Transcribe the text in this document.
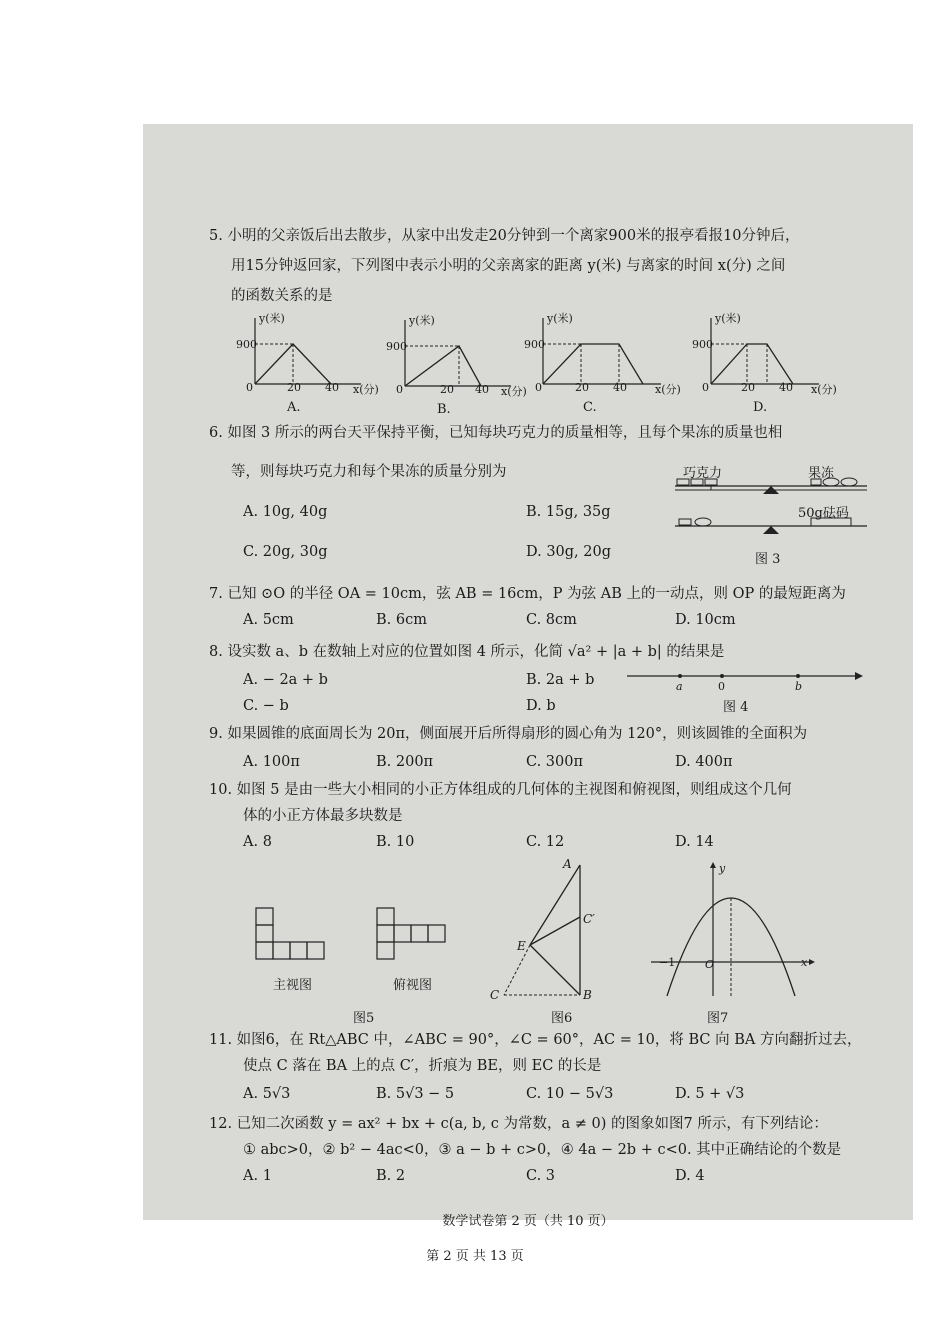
5. 小明的父亲饭后出去散步，从家中出发走20分钟到一个离家900米的报亭看报10分钟后，
用15分钟返回家，下列图中表示小明的父亲离家的距离 y(米) 与离家的时间 x(分) 之间
的函数关系的是
y(米)
900
0	20 40 x(分)
A.
y(米)
900
0	20 40 x(分)
B.
y(米)
900
0	20 40	x(分)
C.
y(米)
900
0	20 40 x(分)
D.
6. 如图 3 所示的两台天平保持平衡，已知每块巧克力的质量相等，且每个果冻的质量也相
等，则每块巧克力和每个果冻的质量分别为
A. 10g, 40g	B. 15g, 35g
C. 20g, 30g	D. 30g, 20g
巧克力	果冻
50g砝码
图 3
7. 已知 ⊙O 的半径 OA = 10cm，弦 AB = 16cm，P 为弦 AB 上的一动点，则 OP 的最短距离为
A. 5cm	B. 6cm	C. 8cm	D. 10cm
8. 设实数 a、b 在数轴上对应的位置如图 4 所示，化简 √a² + |a + b| 的结果是
A. − 2a + b	B. 2a + b
C. − b	D. b
a	0	b
图 4
9. 如果圆锥的底面周长为 20π，侧面展开后所得扇形的圆心角为 120°，则该圆锥的全面积为
A. 100π	B. 200π	C. 300π	D. 400π
10. 如图 5 是由一些大小相同的小正方体组成的几何体的主视图和俯视图，则组成这个几何
体的小正方体最多块数是
A. 8	B. 10	C. 12	D. 14
主视图	俯视图
图5
A
C′
E
C	B
图6
y
x
−1	O
图7
11. 如图6，在 Rt△ABC 中，∠ABC = 90°，∠C = 60°，AC = 10，将 BC 向 BA 方向翻折过去，
使点 C 落在 BA 上的点 C′，折痕为 BE，则 EC 的长是
A. 5√3	B. 5√3 − 5	C. 10 − 5√3	D. 5 + √3
12. 已知二次函数 y = ax² + bx + c(a, b, c 为常数，a ≠ 0) 的图象如图7 所示，有下列结论：
① abc>0，② b² − 4ac<0，③ a − b + c>0，④ 4a − 2b + c<0. 其中正确结论的个数是
A. 1	B. 2	C. 3	D. 4
数学试卷第 2 页（共 10 页）
第 2 页 共 13 页
